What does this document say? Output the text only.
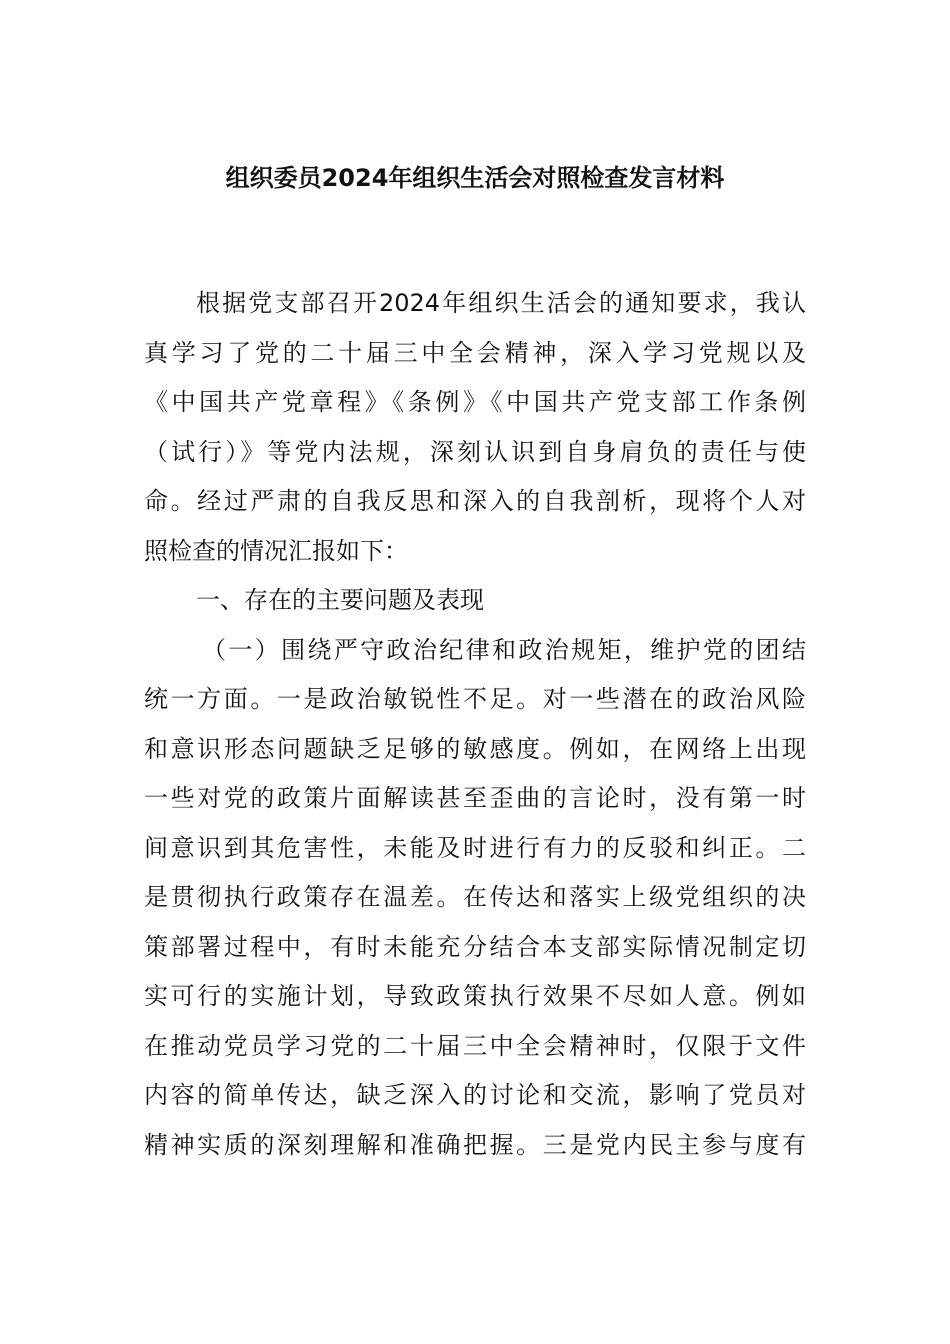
组织委员2024年组织生活会对照检查发言材料
根据党支部召开2024年组织生活会的通知要求，我认
真学习了党的二十届三中全会精神，深入学习党规以及
《中国共产党章程》《条例》《中国共产党支部工作条例
（试行）》等党内法规，深刻认识到自身肩负的责任与使
命。经过严肃的自我反思和深入的自我剖析，现将个人对
照检查的情况汇报如下：
一、存在的主要问题及表现
（一）围绕严守政治纪律和政治规矩，维护党的团结
统一方面。一是政治敏锐性不足。对一些潜在的政治风险
和意识形态问题缺乏足够的敏感度。例如，在网络上出现
一些对党的政策片面解读甚至歪曲的言论时，没有第一时
间意识到其危害性，未能及时进行有力的反驳和纠正。二
是贯彻执行政策存在温差。在传达和落实上级党组织的决
策部署过程中，有时未能充分结合本支部实际情况制定切
实可行的实施计划，导致政策执行效果不尽如人意。例如
在推动党员学习党的二十届三中全会精神时，仅限于文件
内容的简单传达，缺乏深入的讨论和交流，影响了党员对
精神实质的深刻理解和准确把握。三是党内民主参与度有
